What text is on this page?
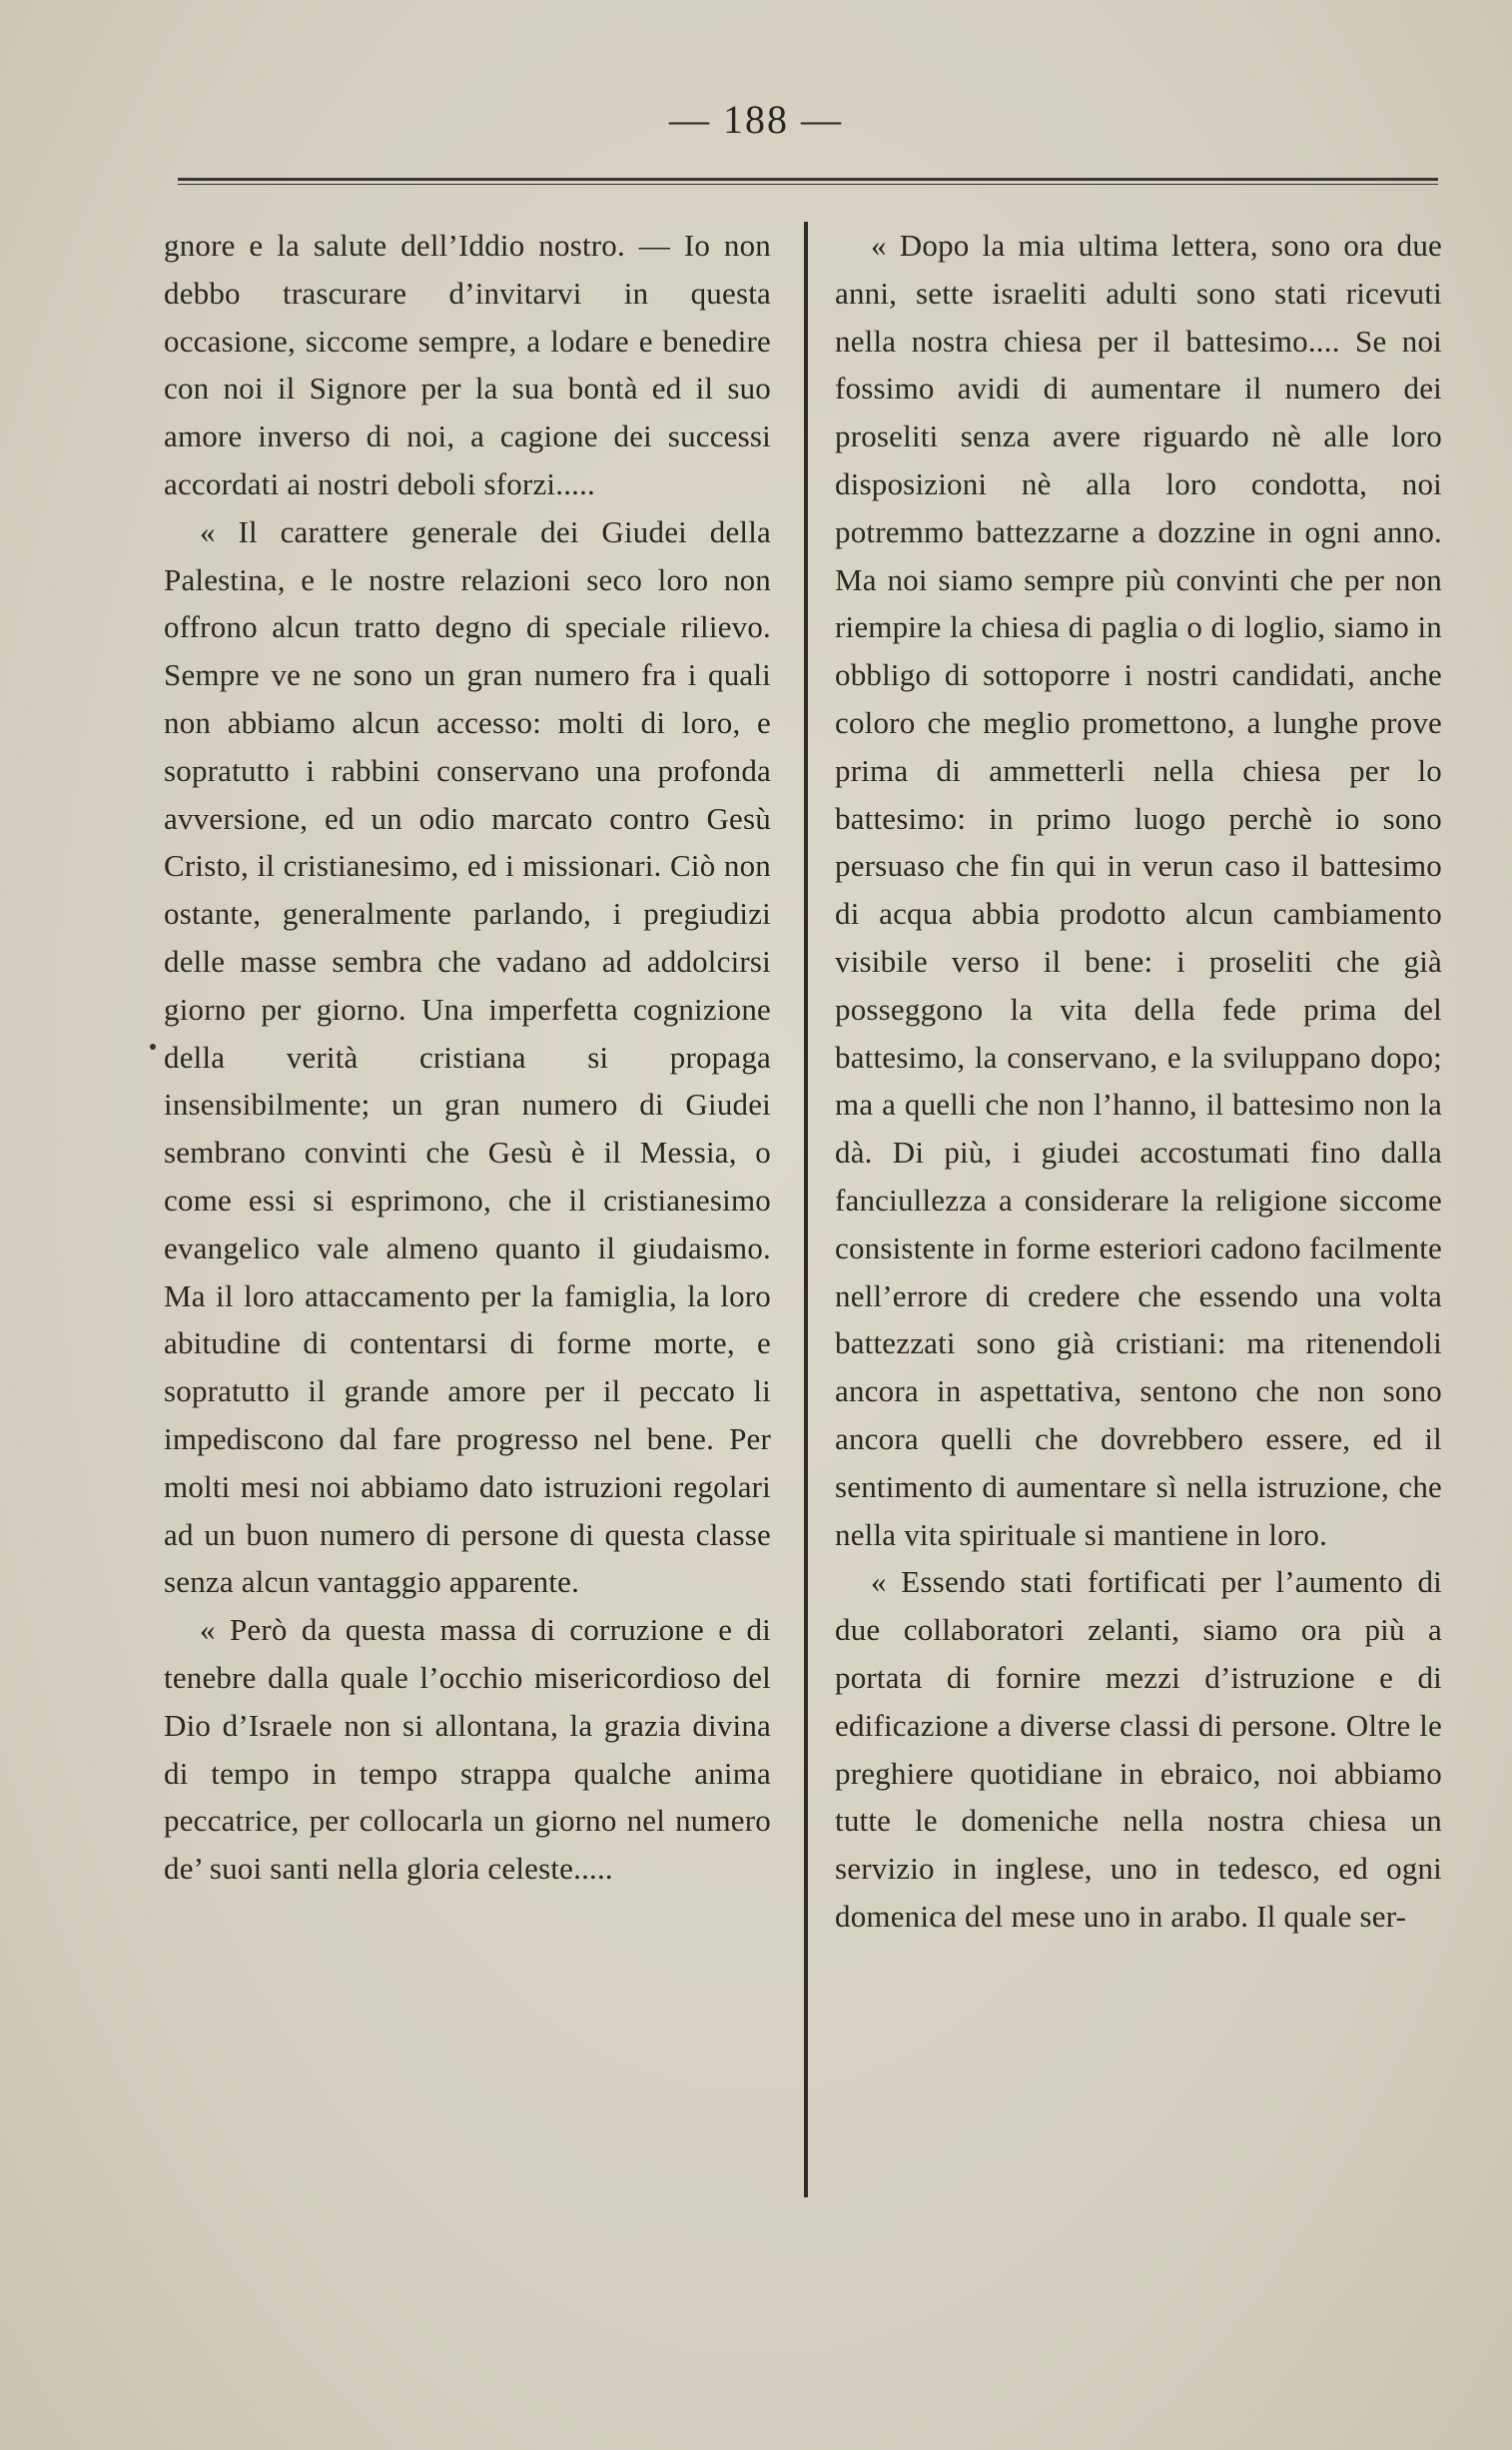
— 188 —

gnore e la salute dell’Iddio nostro. — Io non debbo trascurare d’invitarvi in questa occasione, siccome sempre, a lodare e benedire con noi il Signore per la sua bontà ed il suo amore inverso di noi, a cagione dei successi accordati ai nostri deboli sforzi.....

« Il carattere generale dei Giudei della Palestina, e le nostre relazioni seco loro non offrono alcun tratto degno di speciale rilievo. Sempre ve ne sono un gran numero fra i quali non abbiamo alcun accesso: molti di loro, e sopratutto i rabbini conservano una profonda avversione, ed un odio marcato contro Gesù Cristo, il cristianesimo, ed i missionari. Ciò non ostante, generalmente parlando, i pregiudizi delle masse sembra che vadano ad addolcirsi giorno per giorno. Una imperfetta cognizione della verità cristiana si propaga insensibilmente; un gran numero di Giudei sembrano convinti che Gesù è il Messia, o come essi si esprimono, che il cristianesimo evangelico vale almeno quanto il giudaismo. Ma il loro attaccamento per la famiglia, la loro abitudine di contentarsi di forme morte, e sopratutto il grande amore per il peccato li impediscono dal fare progresso nel bene. Per molti mesi noi abbiamo dato istruzioni regolari ad un buon numero di persone di questa classe senza alcun vantaggio apparente.

« Però da questa massa di corruzione e di tenebre dalla quale l’occhio misericordioso del Dio d’Israele non si allontana, la grazia divina di tempo in tempo strappa qualche anima peccatrice, per collocarla un giorno nel numero de’ suoi santi nella gloria celeste.....

« Dopo la mia ultima lettera, sono ora due anni, sette israeliti adulti sono stati ricevuti nella nostra chiesa per il battesimo.... Se noi fossimo avidi di aumentare il numero dei proseliti senza avere riguardo nè alle loro disposizioni nè alla loro condotta, noi potremmo battezzarne a dozzine in ogni anno. Ma noi siamo sempre più convinti che per non riempire la chiesa di paglia o di loglio, siamo in obbligo di sottoporre i nostri candidati, anche coloro che meglio promettono, a lunghe prove prima di ammetterli nella chiesa per lo battesimo: in primo luogo perchè io sono persuaso che fin qui in verun caso il battesimo di acqua abbia prodotto alcun cambiamento visibile verso il bene: i proseliti che già posseggono la vita della fede prima del battesimo, la conservano, e la sviluppano dopo; ma a quelli che non l’hanno, il battesimo non la dà. Di più, i giudei accostumati fino dalla fanciullezza a considerare la religione siccome consistente in forme esteriori cadono facilmente nell’errore di credere che essendo una volta battezzati sono già cristiani: ma ritenendoli ancora in aspettativa, sentono che non sono ancora quelli che dovrebbero essere, ed il sentimento di aumentare sì nella istruzione, che nella vita spirituale si mantiene in loro.

« Essendo stati fortificati per l’aumento di due collaboratori zelanti, siamo ora più a portata di fornire mezzi d’istruzione e di edificazione a diverse classi di persone. Oltre le preghiere quotidiane in ebraico, noi abbiamo tutte le domeniche nella nostra chiesa un servizio in inglese, uno in tedesco, ed ogni domenica del mese uno in arabo. Il quale ser-
